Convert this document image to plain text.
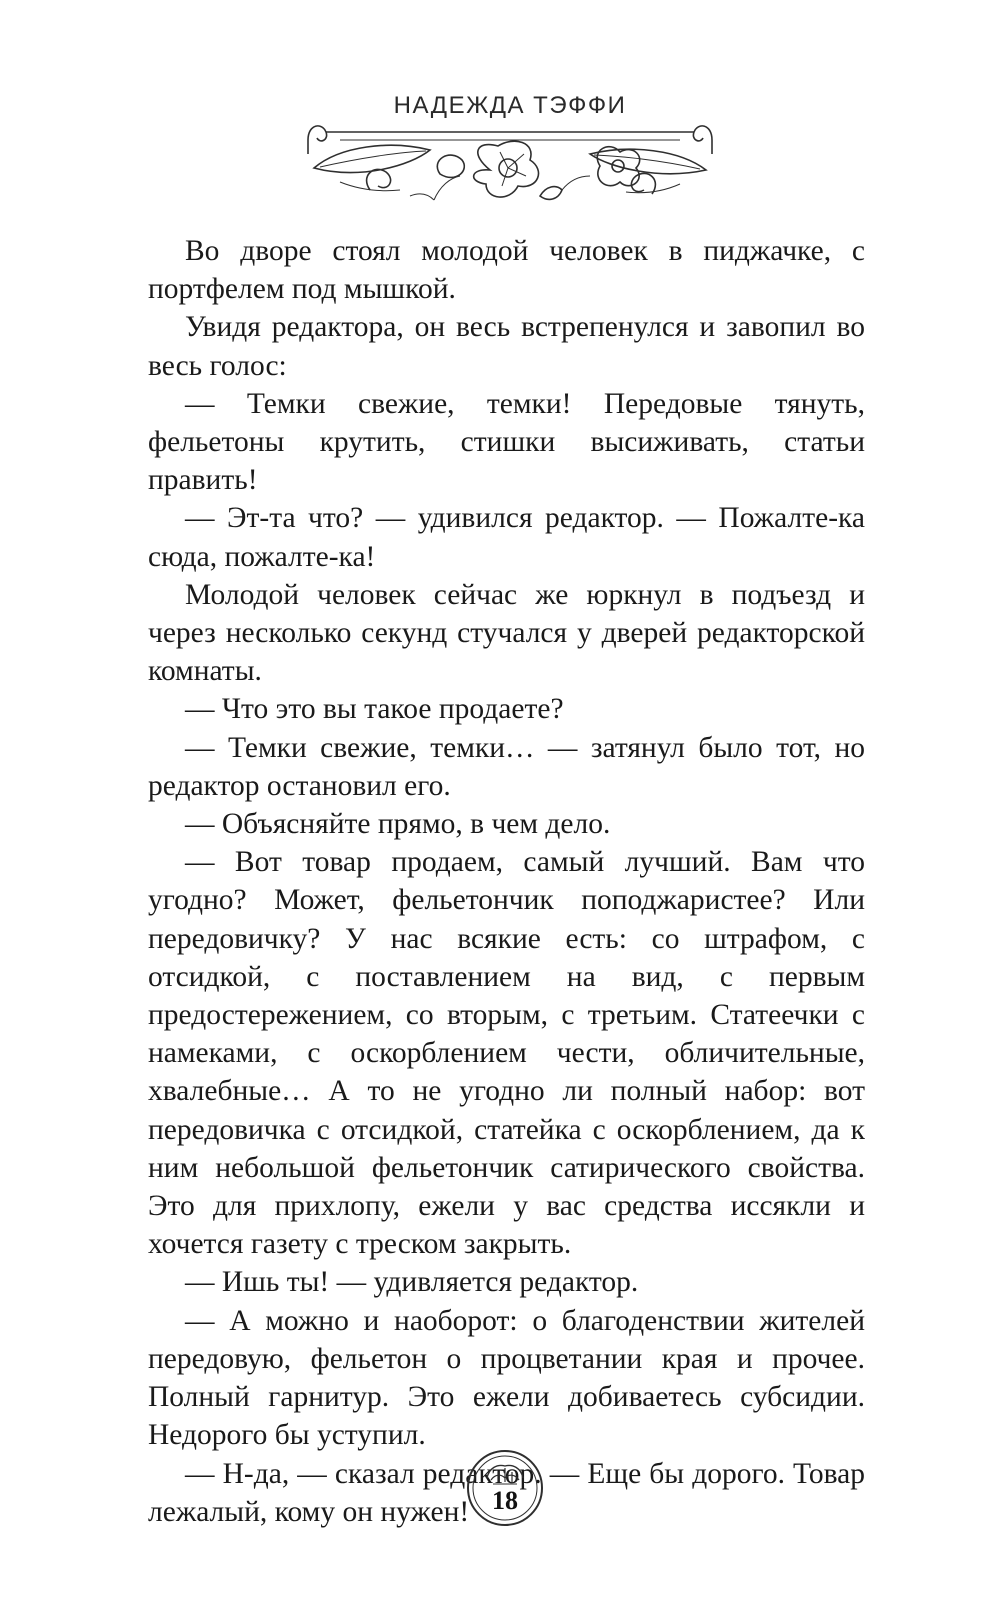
НАДЕЖДА ТЭФФИ

Во дворе стоял молодой человек в пиджачке, с портфелем под мышкой.

Увидя редактора, он весь встрепенулся и завопил во весь голос:

— Темки свежие, темки! Передовые тянуть, фельетоны крутить, стишки высиживать, статьи править!

— Эт-та что? — удивился редактор. — Пожалте-ка сюда, пожалте-ка!

Молодой человек сейчас же юркнул в подъезд и через несколько секунд стучался у дверей редакторской комнаты.

— Что это вы такое продаете?

— Темки свежие, темки… — затянул было тот, но редактор остановил его.

— Объясняйте прямо, в чем дело.

— Вот товар продаем, самый лучший. Вам что угодно? Может, фельетончик поподжаристее? Или передовичку? У нас всякие есть: со штрафом, с отсидкой, с поставлением на вид, с первым предостережением, со вторым, с третьим. Статеечки с намеками, с оскорблением чести, обличительные, хвалебные… А то не угодно ли полный набор: вот передовичка с отсидкой, статейка с оскорблением, да к ним небольшой фельетончик сатирического свойства. Это для прихлопу, ежели у вас средства иссякли и хочется газету с треском закрыть.

— Ишь ты! — удивляется редактор.

— А можно и наоборот: о благоденствии жителей передовую, фельетон о процветании края и прочее. Полный гарнитур. Это ежели добиваетесь субсидии. Недорого бы уступил.

— Н-да, — сказал редактор. — Еще бы дорого. Товар лежалый, кому он нужен! 18
